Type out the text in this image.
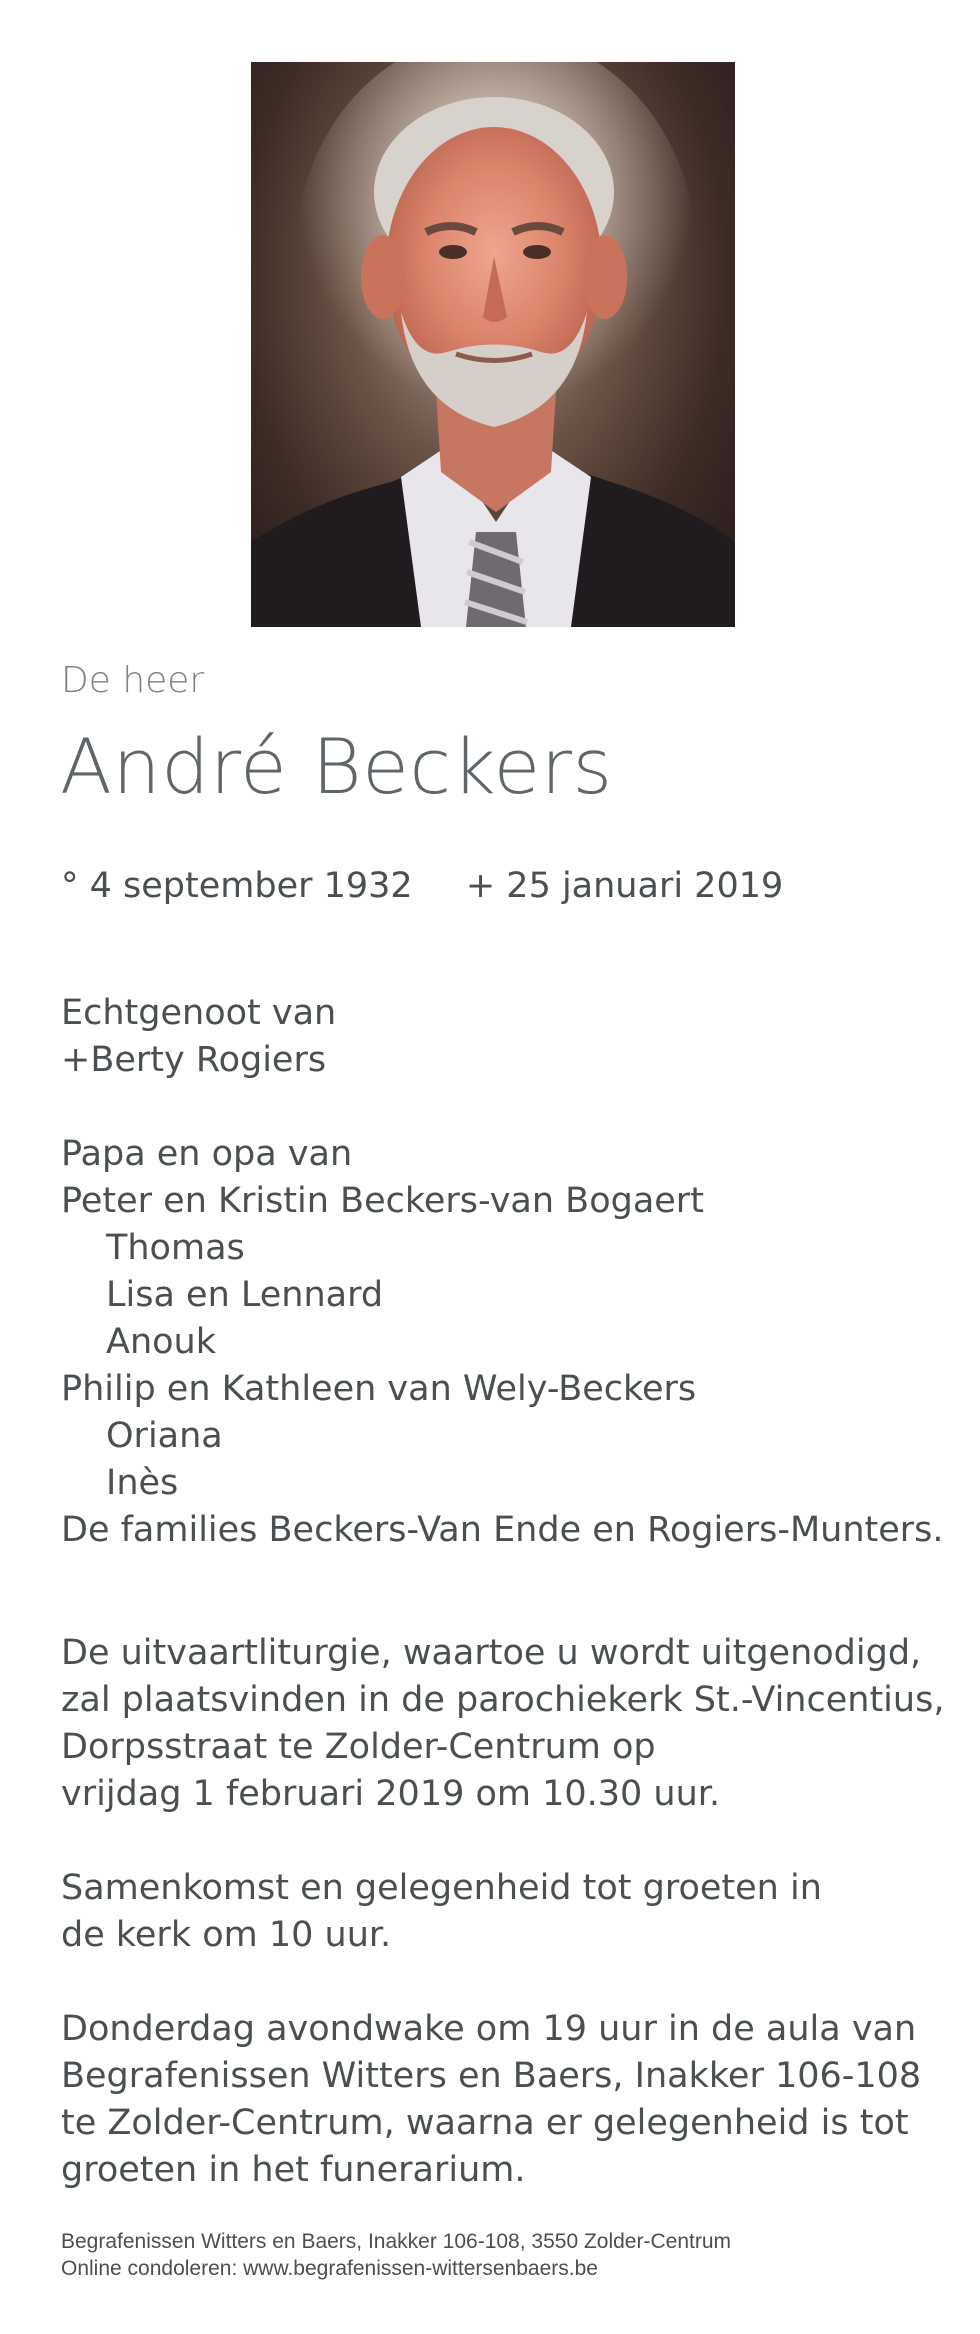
De heer
André Beckers
° 4 september 1932 + 25 januari 2019
Echtgenoot van
+Berty Rogiers
Papa en opa van
Peter en Kristin Beckers-van Bogaert
Thomas
Lisa en Lennard
Anouk
Philip en Kathleen van Wely-Beckers
Oriana
Inès
De families Beckers-Van Ende en Rogiers-Munters.
De uitvaartliturgie, waartoe u wordt uitgenodigd,
zal plaatsvinden in de parochiekerk St.-Vincentius,
Dorpsstraat te Zolder-Centrum op
vrijdag 1 februari 2019 om 10.30 uur.
Samenkomst en gelegenheid tot groeten in
de kerk om 10 uur.
Donderdag avondwake om 19 uur in de aula van
Begrafenissen Witters en Baers, Inakker 106-108
te Zolder-Centrum, waarna er gelegenheid is tot
groeten in het funerarium.
Begrafenissen Witters en Baers, Inakker 106-108, 3550 Zolder-Centrum
Online condoleren: www.begrafenissen-wittersenbaers.be
